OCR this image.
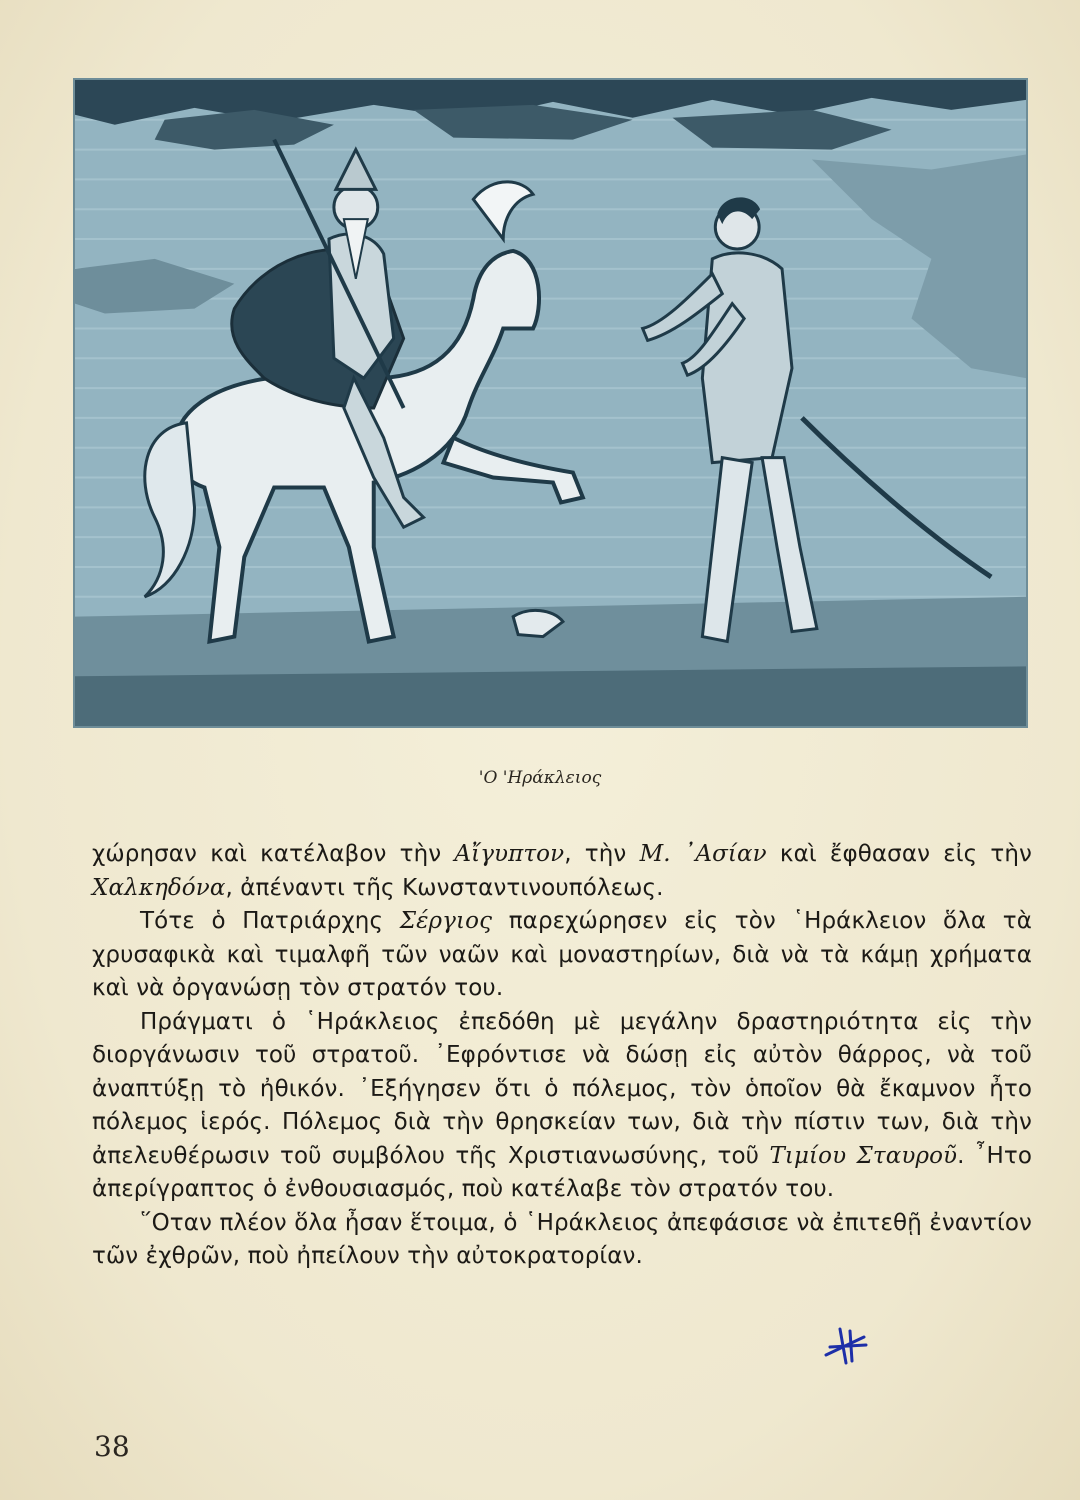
'Ο 'Ηράκλειος

χώρησαν καὶ κατέλαβον τὴν Αἴγυπτον, τὴν Μ. ᾿Ασίαν καὶ ἔφθασαν εἰς τὴν Χαλκηδόνα, ἀπέναντι τῆς Κωνσταντινουπόλεως.

Τότε ὁ Πατριάρχης Σέργιος παρεχώρησεν εἰς τὸν ῾Ηράκλειον ὅλα τὰ χρυσαφικὰ καὶ τιμαλφῆ τῶν ναῶν καὶ μοναστηρίων, διὰ νὰ τὰ κάμῃ χρήματα καὶ νὰ ὀργανώσῃ τὸν στρατόν του.

Πράγματι ὁ ῾Ηράκλειος ἐπεδόθη μὲ μεγάλην δραστηριότητα εἰς τὴν διοργάνωσιν τοῦ στρατοῦ. ᾿Εφρόντισε νὰ δώσῃ εἰς αὐτὸν θάρρος, νὰ τοῦ ἀναπτύξῃ τὸ ἠθικόν. ᾿Εξήγησεν ὅτι ὁ πόλεμος, τὸν ὁποῖον θὰ ἔκαμνον ἦτο πόλεμος ἱερός. Πόλεμος διὰ τὴν θρησκείαν των, διὰ τὴν πίστιν των, διὰ τὴν ἀπελευθέρωσιν τοῦ συμβόλου τῆς Χριστιανωσύνης, τοῦ Τιμίου Σταυροῦ. ῏Ητο ἀπερίγραπτος ὁ ἐνθουσιασμός, ποὺ κατέλαβε τὸν στρατόν του.

῞Οταν πλέον ὅλα ἦσαν ἕτοιμα, ὁ ῾Ηράκλειος ἀπεφάσισε νὰ ἐπιτεθῇ ἐναντίον τῶν ἐχθρῶν, ποὺ ἠπείλουν τὴν αὐτοκρατορίαν.

38
